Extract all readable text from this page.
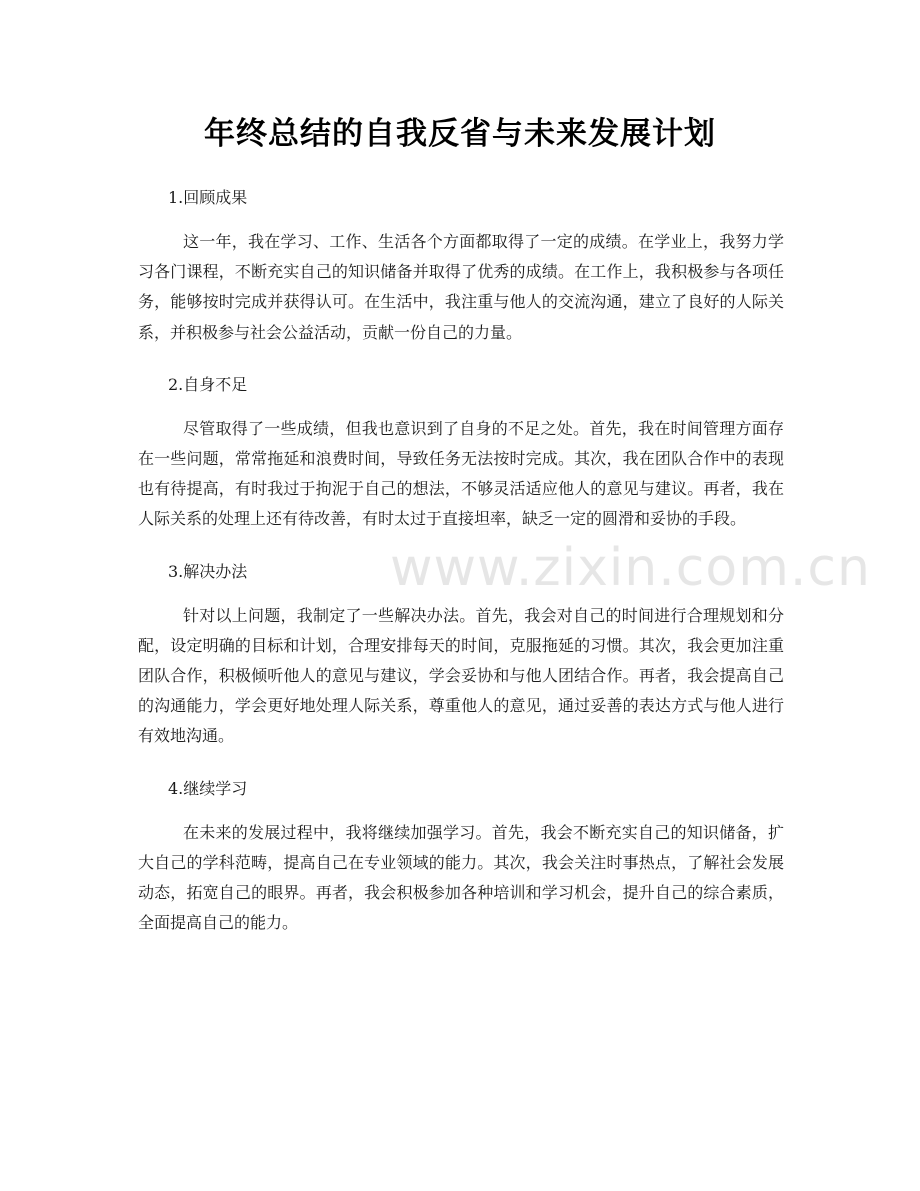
年终总结的自我反省与未来发展计划

1.回顾成果

这一年，我在学习、工作、生活各个方面都取得了一定的成绩。在学业上，我努力学习各门课程，不断充实自己的知识储备并取得了优秀的成绩。在工作上，我积极参与各项任务，能够按时完成并获得认可。在生活中，我注重与他人的交流沟通，建立了良好的人际关系，并积极参与社会公益活动，贡献一份自己的力量。

2.自身不足

尽管取得了一些成绩，但我也意识到了自身的不足之处。首先，我在时间管理方面存在一些问题，常常拖延和浪费时间，导致任务无法按时完成。其次，我在团队合作中的表现也有待提高，有时我过于拘泥于自己的想法，不够灵活适应他人的意见与建议。再者，我在人际关系的处理上还有待改善，有时太过于直接坦率，缺乏一定的圆滑和妥协的手段。

3.解决办法

针对以上问题，我制定了一些解决办法。首先，我会对自己的时间进行合理规划和分配，设定明确的目标和计划，合理安排每天的时间，克服拖延的习惯。其次，我会更加注重团队合作，积极倾听他人的意见与建议，学会妥协和与他人团结合作。再者，我会提高自己的沟通能力，学会更好地处理人际关系，尊重他人的意见，通过妥善的表达方式与他人进行有效地沟通。

4.继续学习

在未来的发展过程中，我将继续加强学习。首先，我会不断充实自己的知识储备，扩大自己的学科范畴，提高自己在专业领域的能力。其次，我会关注时事热点，了解社会发展动态，拓宽自己的眼界。再者，我会积极参加各种培训和学习机会，提升自己的综合素质，全面提高自己的能力。

www.zixin.com.cn
